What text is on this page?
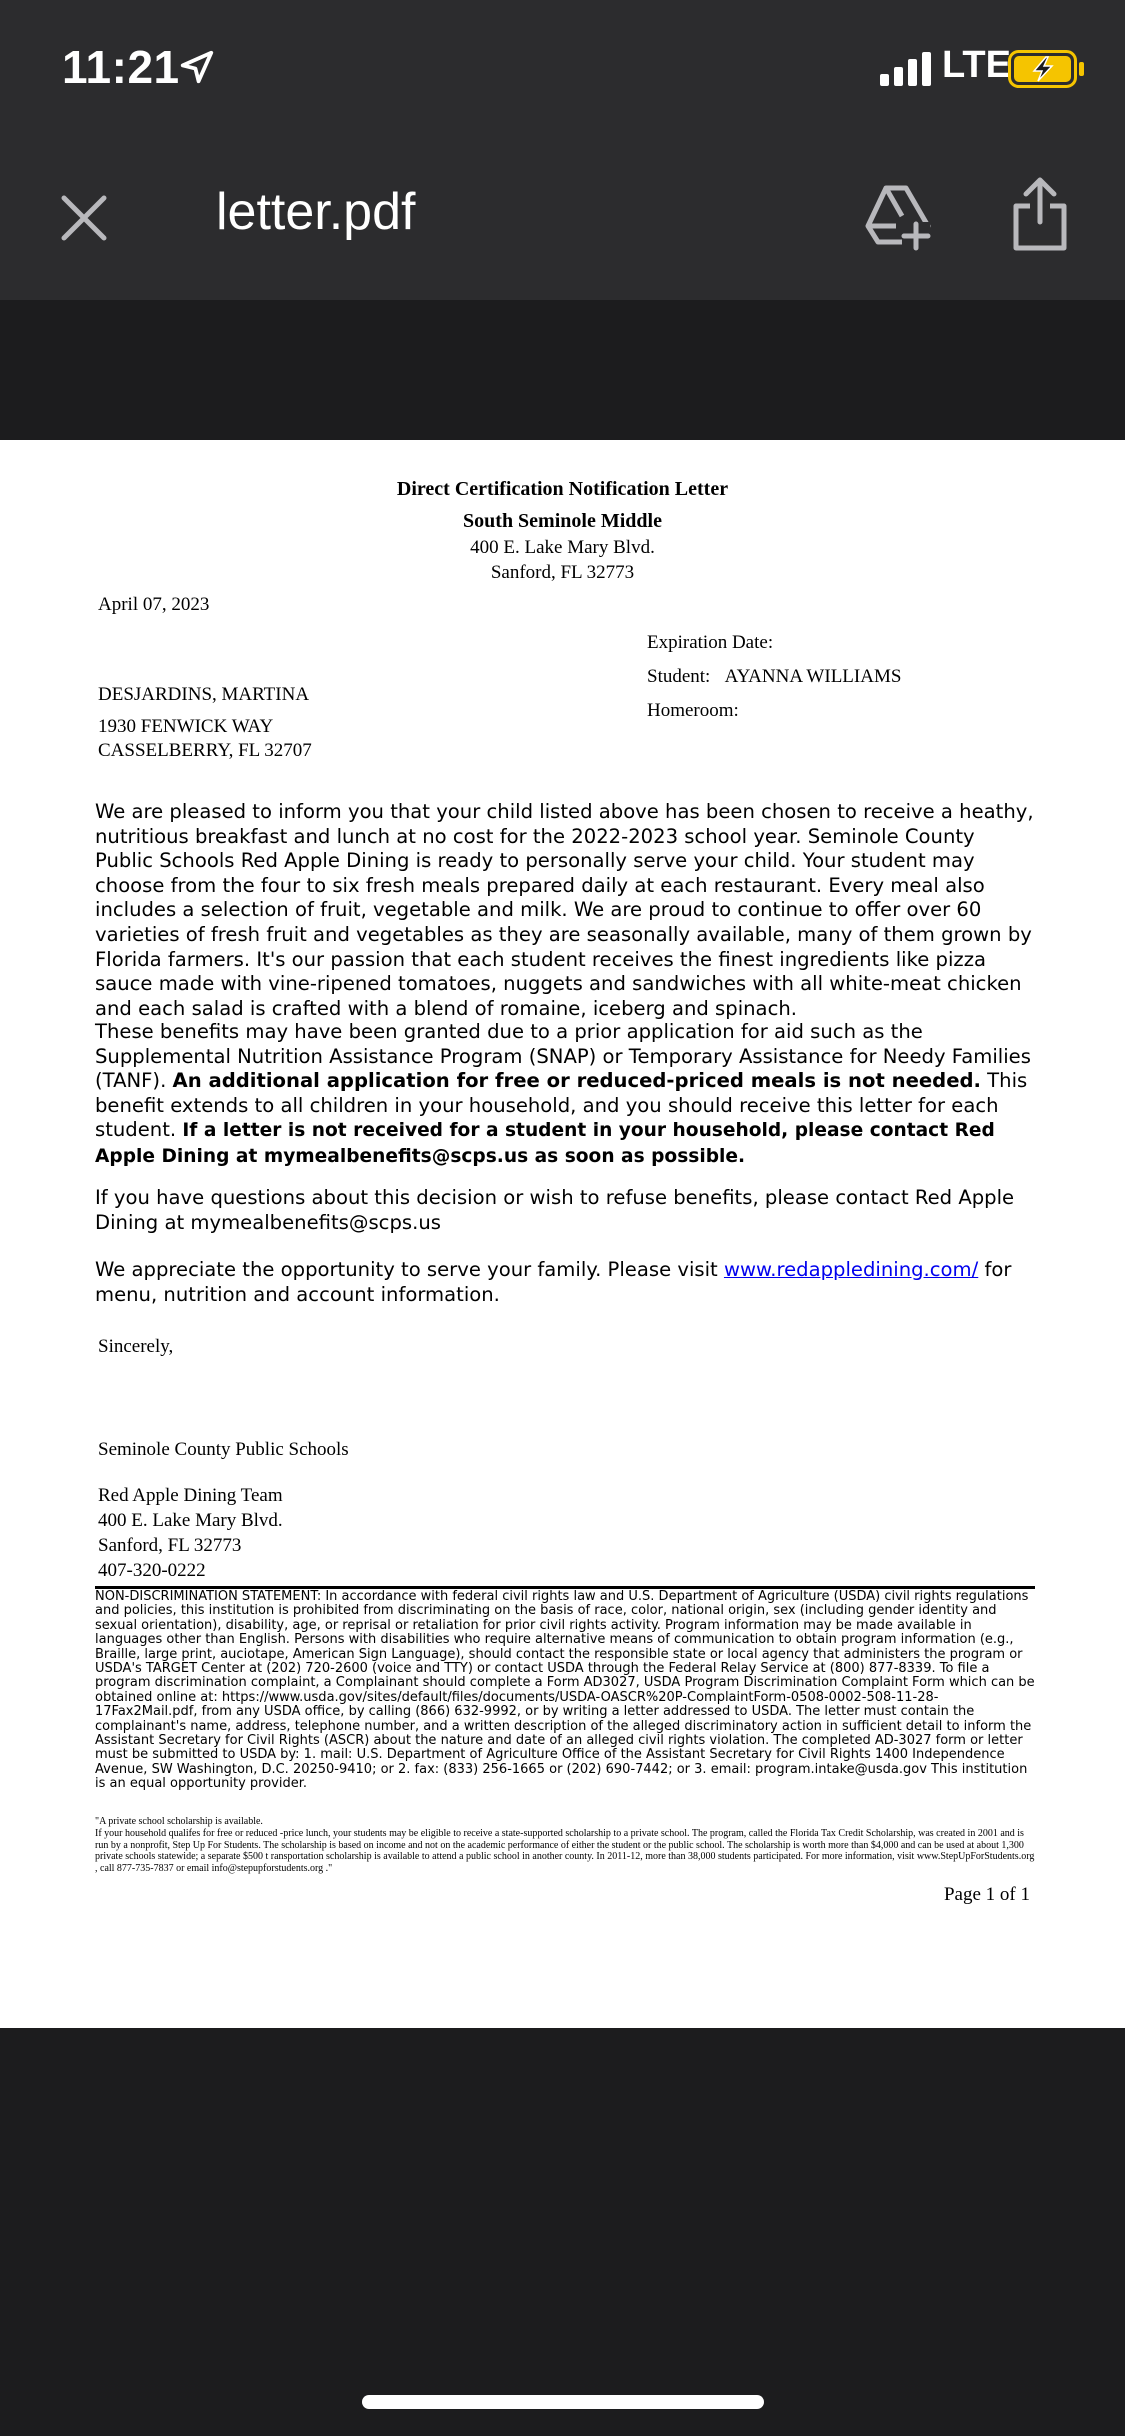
11:21	LTE
letter.pdf
Direct Certification Notification Letter
South Seminole Middle
400 E. Lake Mary Blvd.
Sanford, FL 32773
April 07, 2023
Expiration Date:
Student: AYANNA WILLIAMS
Homeroom:
DESJARDINS, MARTINA
1930 FENWICK WAY
CASSELBERRY, FL 32707
We are pleased to inform you that your child listed above has been chosen to receive a heathy, nutritious breakfast and lunch at no cost for the 2022-2023 school year. Seminole County Public Schools Red Apple Dining is ready to personally serve your child. Your student may choose from the four to six fresh meals prepared daily at each restaurant. Every meal also includes a selection of fruit, vegetable and milk. We are proud to continue to offer over 60 varieties of fresh fruit and vegetables as they are seasonally available, many of them grown by Florida farmers. It's our passion that each student receives the finest ingredients like pizza sauce made with vine-ripened tomatoes, nuggets and sandwiches with all white-meat chicken and each salad is crafted with a blend of romaine, iceberg and spinach.
These benefits may have been granted due to a prior application for aid such as the Supplemental Nutrition Assistance Program (SNAP) or Temporary Assistance for Needy Families (TANF). An additional application for free or reduced-priced meals is not needed. This benefit extends to all children in your household, and you should receive this letter for each student. If a letter is not received for a student in your household, please contact Red Apple Dining at mymealbenefits@scps.us as soon as possible.
If you have questions about this decision or wish to refuse benefits, please contact Red Apple Dining at mymealbenefits@scps.us
We appreciate the opportunity to serve your family. Please visit www.redappledining.com/ for menu, nutrition and account information.
Sincerely,
Seminole County Public Schools
Red Apple Dining Team
400 E. Lake Mary Blvd.
Sanford, FL 32773
407-320-0222
NON-DISCRIMINATION STATEMENT: In accordance with federal civil rights law and U.S. Department of Agriculture (USDA) civil rights regulations and policies, this institution is prohibited from discriminating on the basis of race, color, national origin, sex (including gender identity and sexual orientation), disability, age, or reprisal or retaliation for prior civil rights activity. Program information may be made available in languages other than English. Persons with disabilities who require alternative means of communication to obtain program information (e.g., Braille, large print, auciotape, American Sign Language), should contact the responsible state or local agency that administers the program or USDA's TARGET Center at (202) 720-2600 (voice and TTY) or contact USDA through the Federal Relay Service at (800) 877-8339. To file a program discrimination complaint, a Complainant should complete a Form AD3027, USDA Program Discrimination Complaint Form which can be obtained online at: https://www.usda.gov/sites/default/files/documents/USDA-OASCR%20P-ComplaintForm-0508-0002-508-11-28-17Fax2Mail.pdf, from any USDA office, by calling (866) 632-9992, or by writing a letter addressed to USDA. The letter must contain the complainant's name, address, telephone number, and a written description of the alleged discriminatory action in sufficient detail to inform the Assistant Secretary for Civil Rights (ASCR) about the nature and date of an alleged civil rights violation. The completed AD-3027 form or letter must be submitted to USDA by: 1. mail: U.S. Department of Agriculture Office of the Assistant Secretary for Civil Rights 1400 Independence Avenue, SW Washington, D.C. 20250-9410; or 2. fax: (833) 256-1665 or (202) 690-7442; or 3. email: program.intake@usda.gov This institution is an equal opportunity provider.
"A private school scholarship is available.
If your household qualifes for free or reduced -price lunch, your students may be eligible to receive a state-supported scholarship to a private school. The program, called the Florida Tax Credit Scholarship, was created in 2001 and is run by a nonprofit, Step Up For Students. The scholarship is based on income and not on the academic performance of either the student or the public school. The scholarship is worth more than $4,000 and can be used at about 1,300 private schools statewide; a separate $500 t ransportation scholarship is available to attend a public school in another county. In 2011-12, more than 38,000 students participated. For more information, visit www.StepUpForStudents.org , call 877-735-7837 or email info@stepupforstudents.org ."
Page 1 of 1
